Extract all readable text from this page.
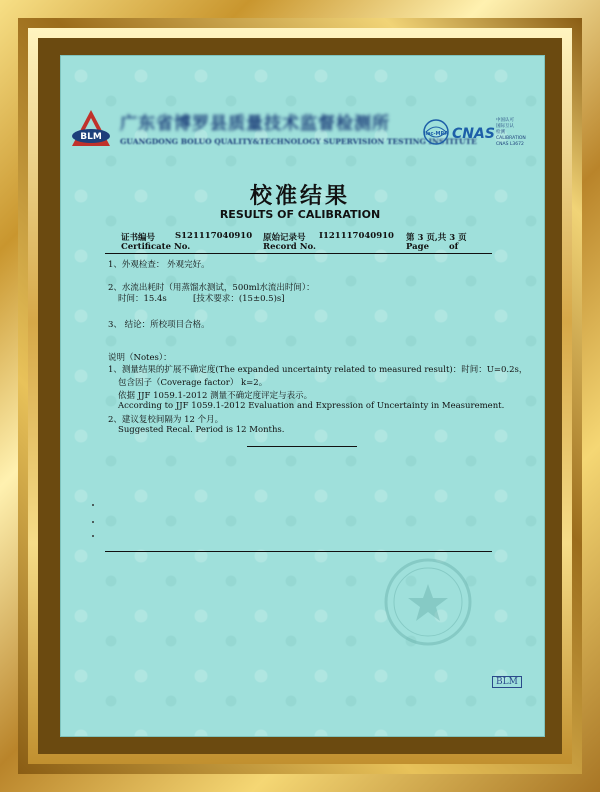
BLM
广东省博罗县质量技术监督检测所
GUANGDONG BOLUO QUALITY&TECHNOLOGY SUPERVISION TESTING INSTITUTE
ilac-MRA CNAS
中国认可
国际互认
检测
CALIBRATION
CNAS L3672
校准结果
RESULTS OF CALIBRATION
证书编号 S121117040910 原始记录号 I121117040910 第 3 页,共 3 页
Certificate No.	Record No.	Page of
1、外观检查： 外观完好。
2、水流出耗时（用蒸馏水测试，500ml水流出时间）：
时间：15.4s	[技术要求：(15±0.5)s]
3、 结论：所校项目合格。
说明（Notes）：
1、测量结果的扩展不确定度(The expanded uncertainty related to measured result)：时间：U=0.2s，
包含因子（Coverage factor） k=2。
依据 JJF 1059.1-2012 测量不确定度评定与表示。
According to JJF 1059.1-2012 Evaluation and Expression of Uncertainty in Measurement.
2、建议复校间隔为 12 个月。
Suggested Recal. Period is 12 Months.
BLM
